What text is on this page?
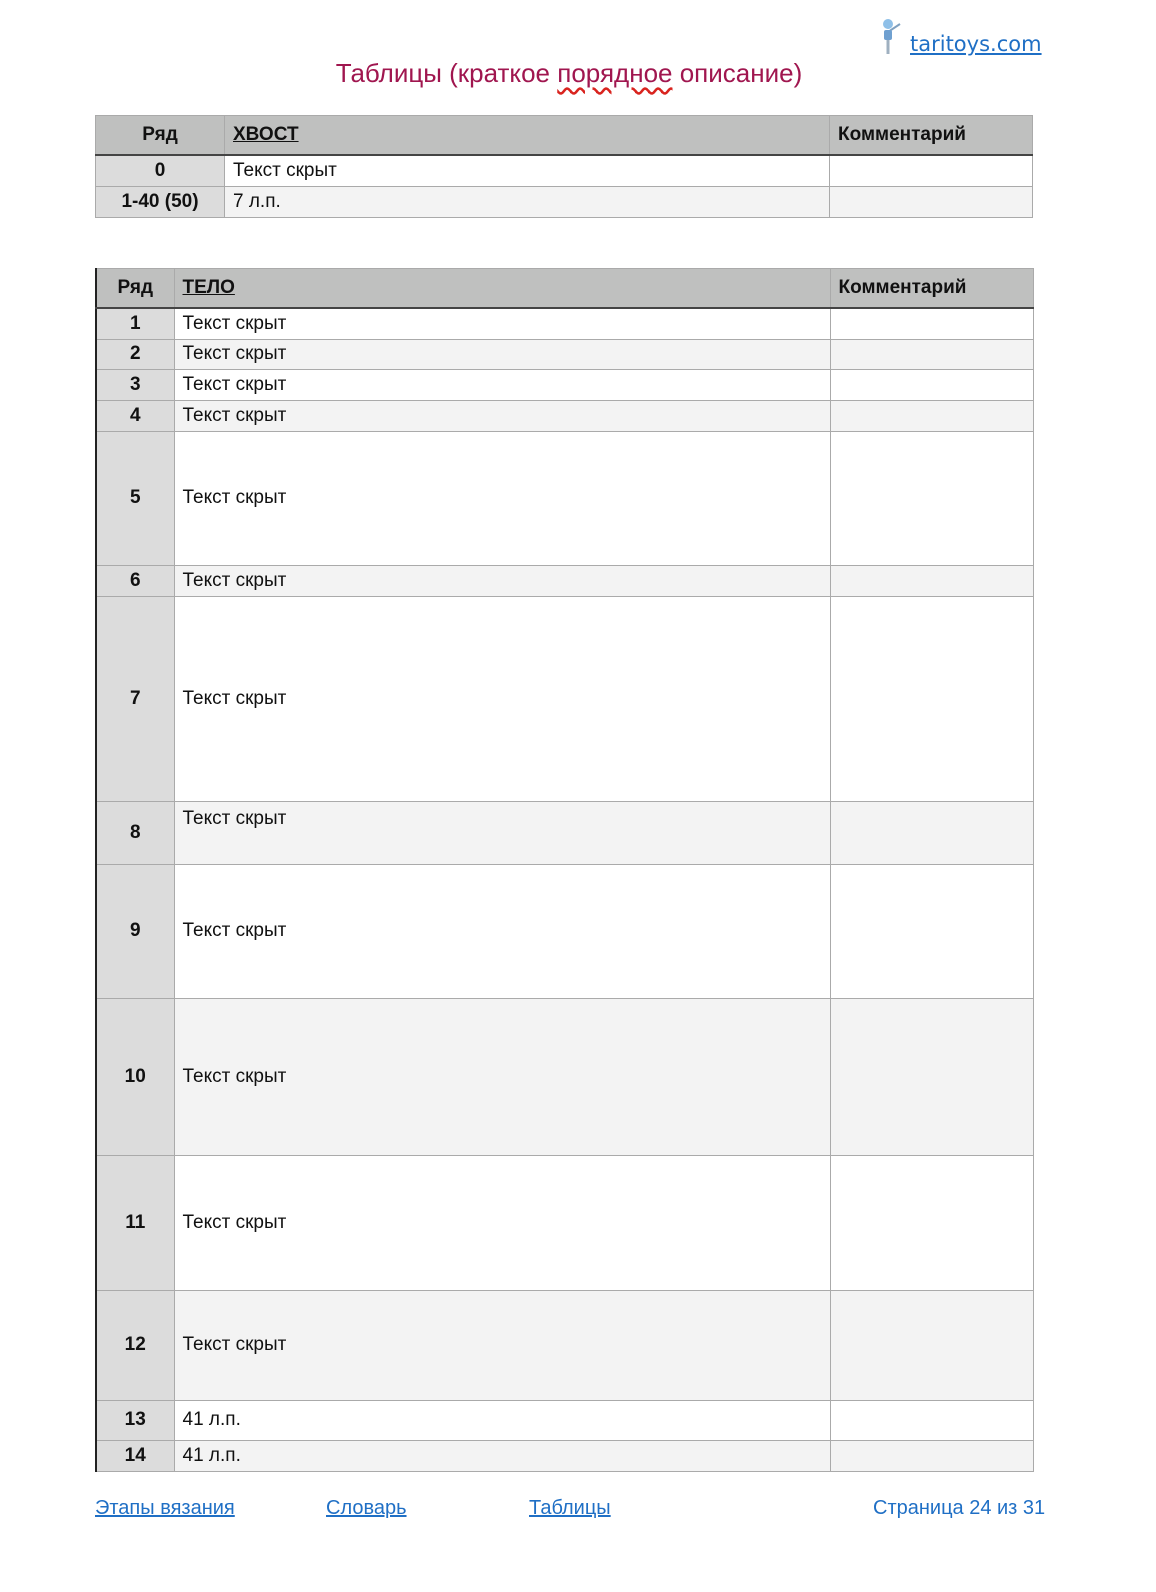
taritoys.com
Таблицы (краткое порядное описание)
Ряд	ХВОСТ	Комментарий
0	Текст скрыт	
1-40 (50)	7 л.п.	
Ряд	ТЕЛО	Комментарий
1	Текст скрыт	
2	Текст скрыт	
3	Текст скрыт	
4	Текст скрыт	
5	Текст скрыт	
6	Текст скрыт	
7	Текст скрыт	
8	Текст скрыт	
9	Текст скрыт	
10	Текст скрыт	
11	Текст скрыт	
12	Текст скрыт	
13	41 л.п.	
14	41 л.п.	
Этапы вязания	Словарь	Таблицы	Страница 24 из 31
